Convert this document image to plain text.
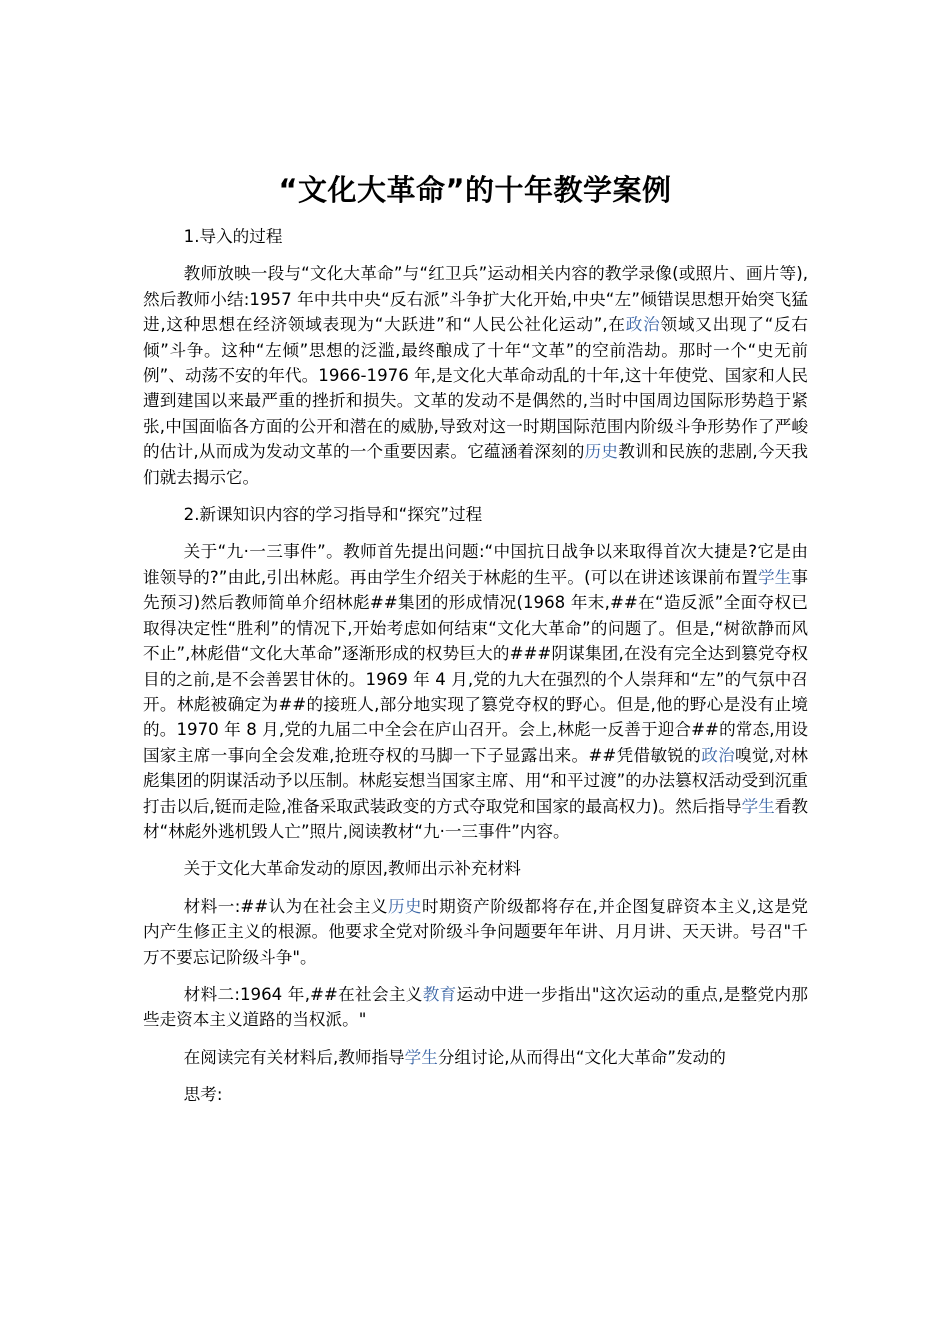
“文化大革命”的十年教学案例

1.导入的过程

教师放映一段与“文化大革命”与“红卫兵”运动相关内容的教学录像(或照片、画片等),然后教师小结:1957 年中共中央“反右派”斗争扩大化开始,中央“左”倾错误思想开始突飞猛进,这种思想在经济领域表现为“大跃进”和“人民公社化运动”,在政治领域又出现了“反右倾”斗争。这种“左倾”思想的泛滥,最终酿成了十年“文革”的空前浩劫。那时一个“史无前例”、动荡不安的年代。1966-1976 年,是文化大革命动乱的十年,这十年使党、国家和人民遭到建国以来最严重的挫折和损失。文革的发动不是偶然的,当时中国周边国际形势趋于紧张,中国面临各方面的公开和潜在的威胁,导致对这一时期国际范围内阶级斗争形势作了严峻的估计,从而成为发动文革的一个重要因素。它蕴涵着深刻的历史教训和民族的悲剧,今天我们就去揭示它。

2.新课知识内容的学习指导和“探究”过程

关于“九·一三事件”。教师首先提出问题:“中国抗日战争以来取得首次大捷是?它是由谁领导的?”由此,引出林彪。再由学生介绍关于林彪的生平。(可以在讲述该课前布置学生事先预习)然后教师简单介绍林彪##集团的形成情况(1968 年末,##在“造反派”全面夺权已取得决定性“胜利”的情况下,开始考虑如何结束“文化大革命”的问题了。但是,“树欲静而风不止”,林彪借“文化大革命”逐渐形成的权势巨大的###阴谋集团,在没有完全达到篡党夺权目的之前,是不会善罢甘休的。1969 年 4 月,党的九大在强烈的个人崇拜和“左”的气氛中召开。林彪被确定为##的接班人,部分地实现了篡党夺权的野心。但是,他的野心是没有止境的。1970 年 8 月,党的九届二中全会在庐山召开。会上,林彪一反善于迎合##的常态,用设国家主席一事向全会发难,抢班夺权的马脚一下子显露出来。##凭借敏锐的政治嗅觉,对林彪集团的阴谋活动予以压制。林彪妄想当国家主席、用“和平过渡”的办法篡权活动受到沉重打击以后,铤而走险,准备采取武装政变的方式夺取党和国家的最高权力)。然后指导学生看教材“林彪外逃机毁人亡”照片,阅读教材“九·一三事件”内容。

关于文化大革命发动的原因,教师出示补充材料

材料一:##认为在社会主义历史时期资产阶级都将存在,并企图复辟资本主义,这是党内产生修正主义的根源。他要求全党对阶级斗争问题要年年讲、月月讲、天天讲。号召"千万不要忘记阶级斗争"。

材料二:1964 年,##在社会主义教育运动中进一步指出"这次运动的重点,是整党内那些走资本主义道路的当权派。"

在阅读完有关材料后,教师指导学生分组讨论,从而得出“文化大革命”发动的

思考:
